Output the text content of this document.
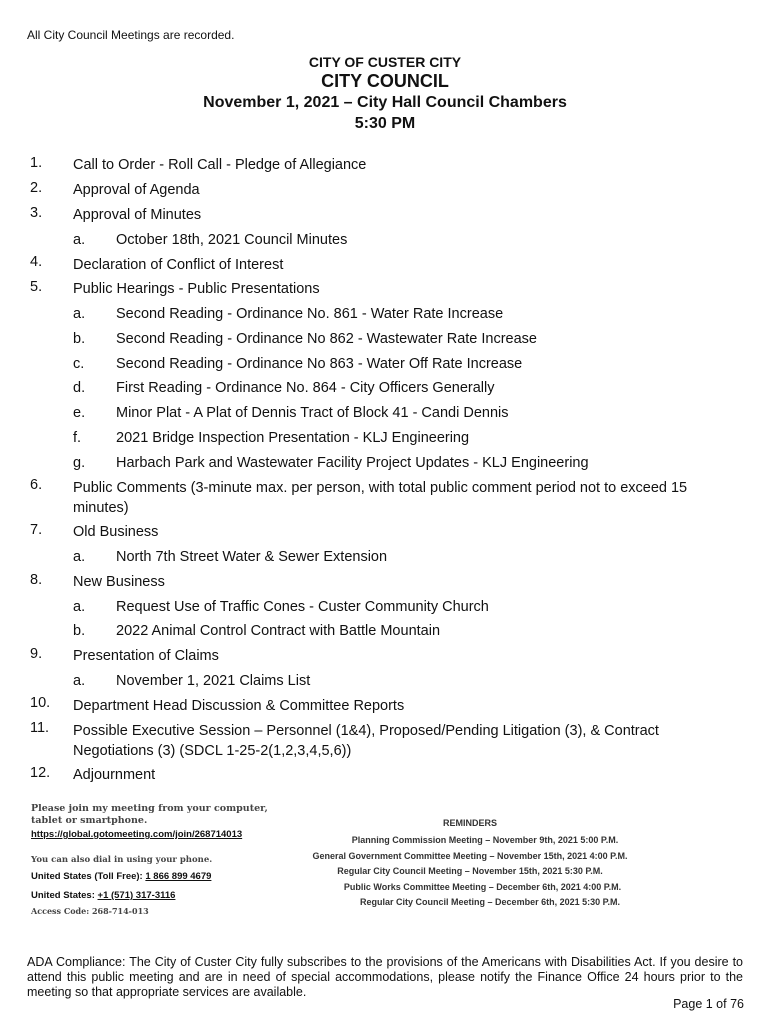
All City Council Meetings are recorded.
CITY OF CUSTER CITY
CITY COUNCIL
November 1, 2021 – City Hall Council Chambers
5:30 PM
1. Call to Order - Roll Call - Pledge of Allegiance
2. Approval of Agenda
3. Approval of Minutes
a. October 18th, 2021 Council Minutes
4. Declaration of Conflict of Interest
5. Public Hearings - Public Presentations
a. Second Reading - Ordinance No. 861 - Water Rate Increase
b. Second Reading - Ordinance No 862 - Wastewater Rate Increase
c. Second Reading - Ordinance No 863 - Water Off Rate Increase
d. First Reading - Ordinance No. 864 - City Officers Generally
e. Minor Plat - A Plat of Dennis Tract of Block 41 - Candi Dennis
f. 2021 Bridge Inspection Presentation - KLJ Engineering
g. Harbach Park and Wastewater Facility Project Updates - KLJ Engineering
6. Public Comments (3-minute max. per person, with total public comment period not to exceed 15 minutes)
7. Old Business
a. North 7th Street Water & Sewer Extension
8. New Business
a. Request Use of Traffic Cones - Custer Community Church
b. 2022 Animal Control Contract with Battle Mountain
9. Presentation of Claims
a. November 1, 2021 Claims List
10. Department Head Discussion & Committee Reports
11. Possible Executive Session – Personnel (1&4), Proposed/Pending Litigation (3), & Contract Negotiations (3) (SDCL 1-25-2(1,2,3,4,5,6))
12. Adjournment
Please join my meeting from your computer, tablet or smartphone.
https://global.gotomeeting.com/join/268714013
You can also dial in using your phone.
United States (Toll Free): 1 866 899 4679
United States: +1 (571) 317-3116
Access Code: 268-714-013
REMINDERS
Planning Commission Meeting – November 9th, 2021 5:00 P.M.
General Government Committee Meeting – November 15th, 2021 4:00 P.M.
Regular City Council Meeting – November 15th, 2021 5:30 P.M.
Public Works Committee Meeting – December 6th, 2021 4:00 P.M.
Regular City Council Meeting – December 6th, 2021 5:30 P.M.
ADA Compliance: The City of Custer City fully subscribes to the provisions of the Americans with Disabilities Act. If you desire to attend this public meeting and are in need of special accommodations, please notify the Finance Office 24 hours prior to the meeting so that appropriate services are available.
Page 1 of 76
